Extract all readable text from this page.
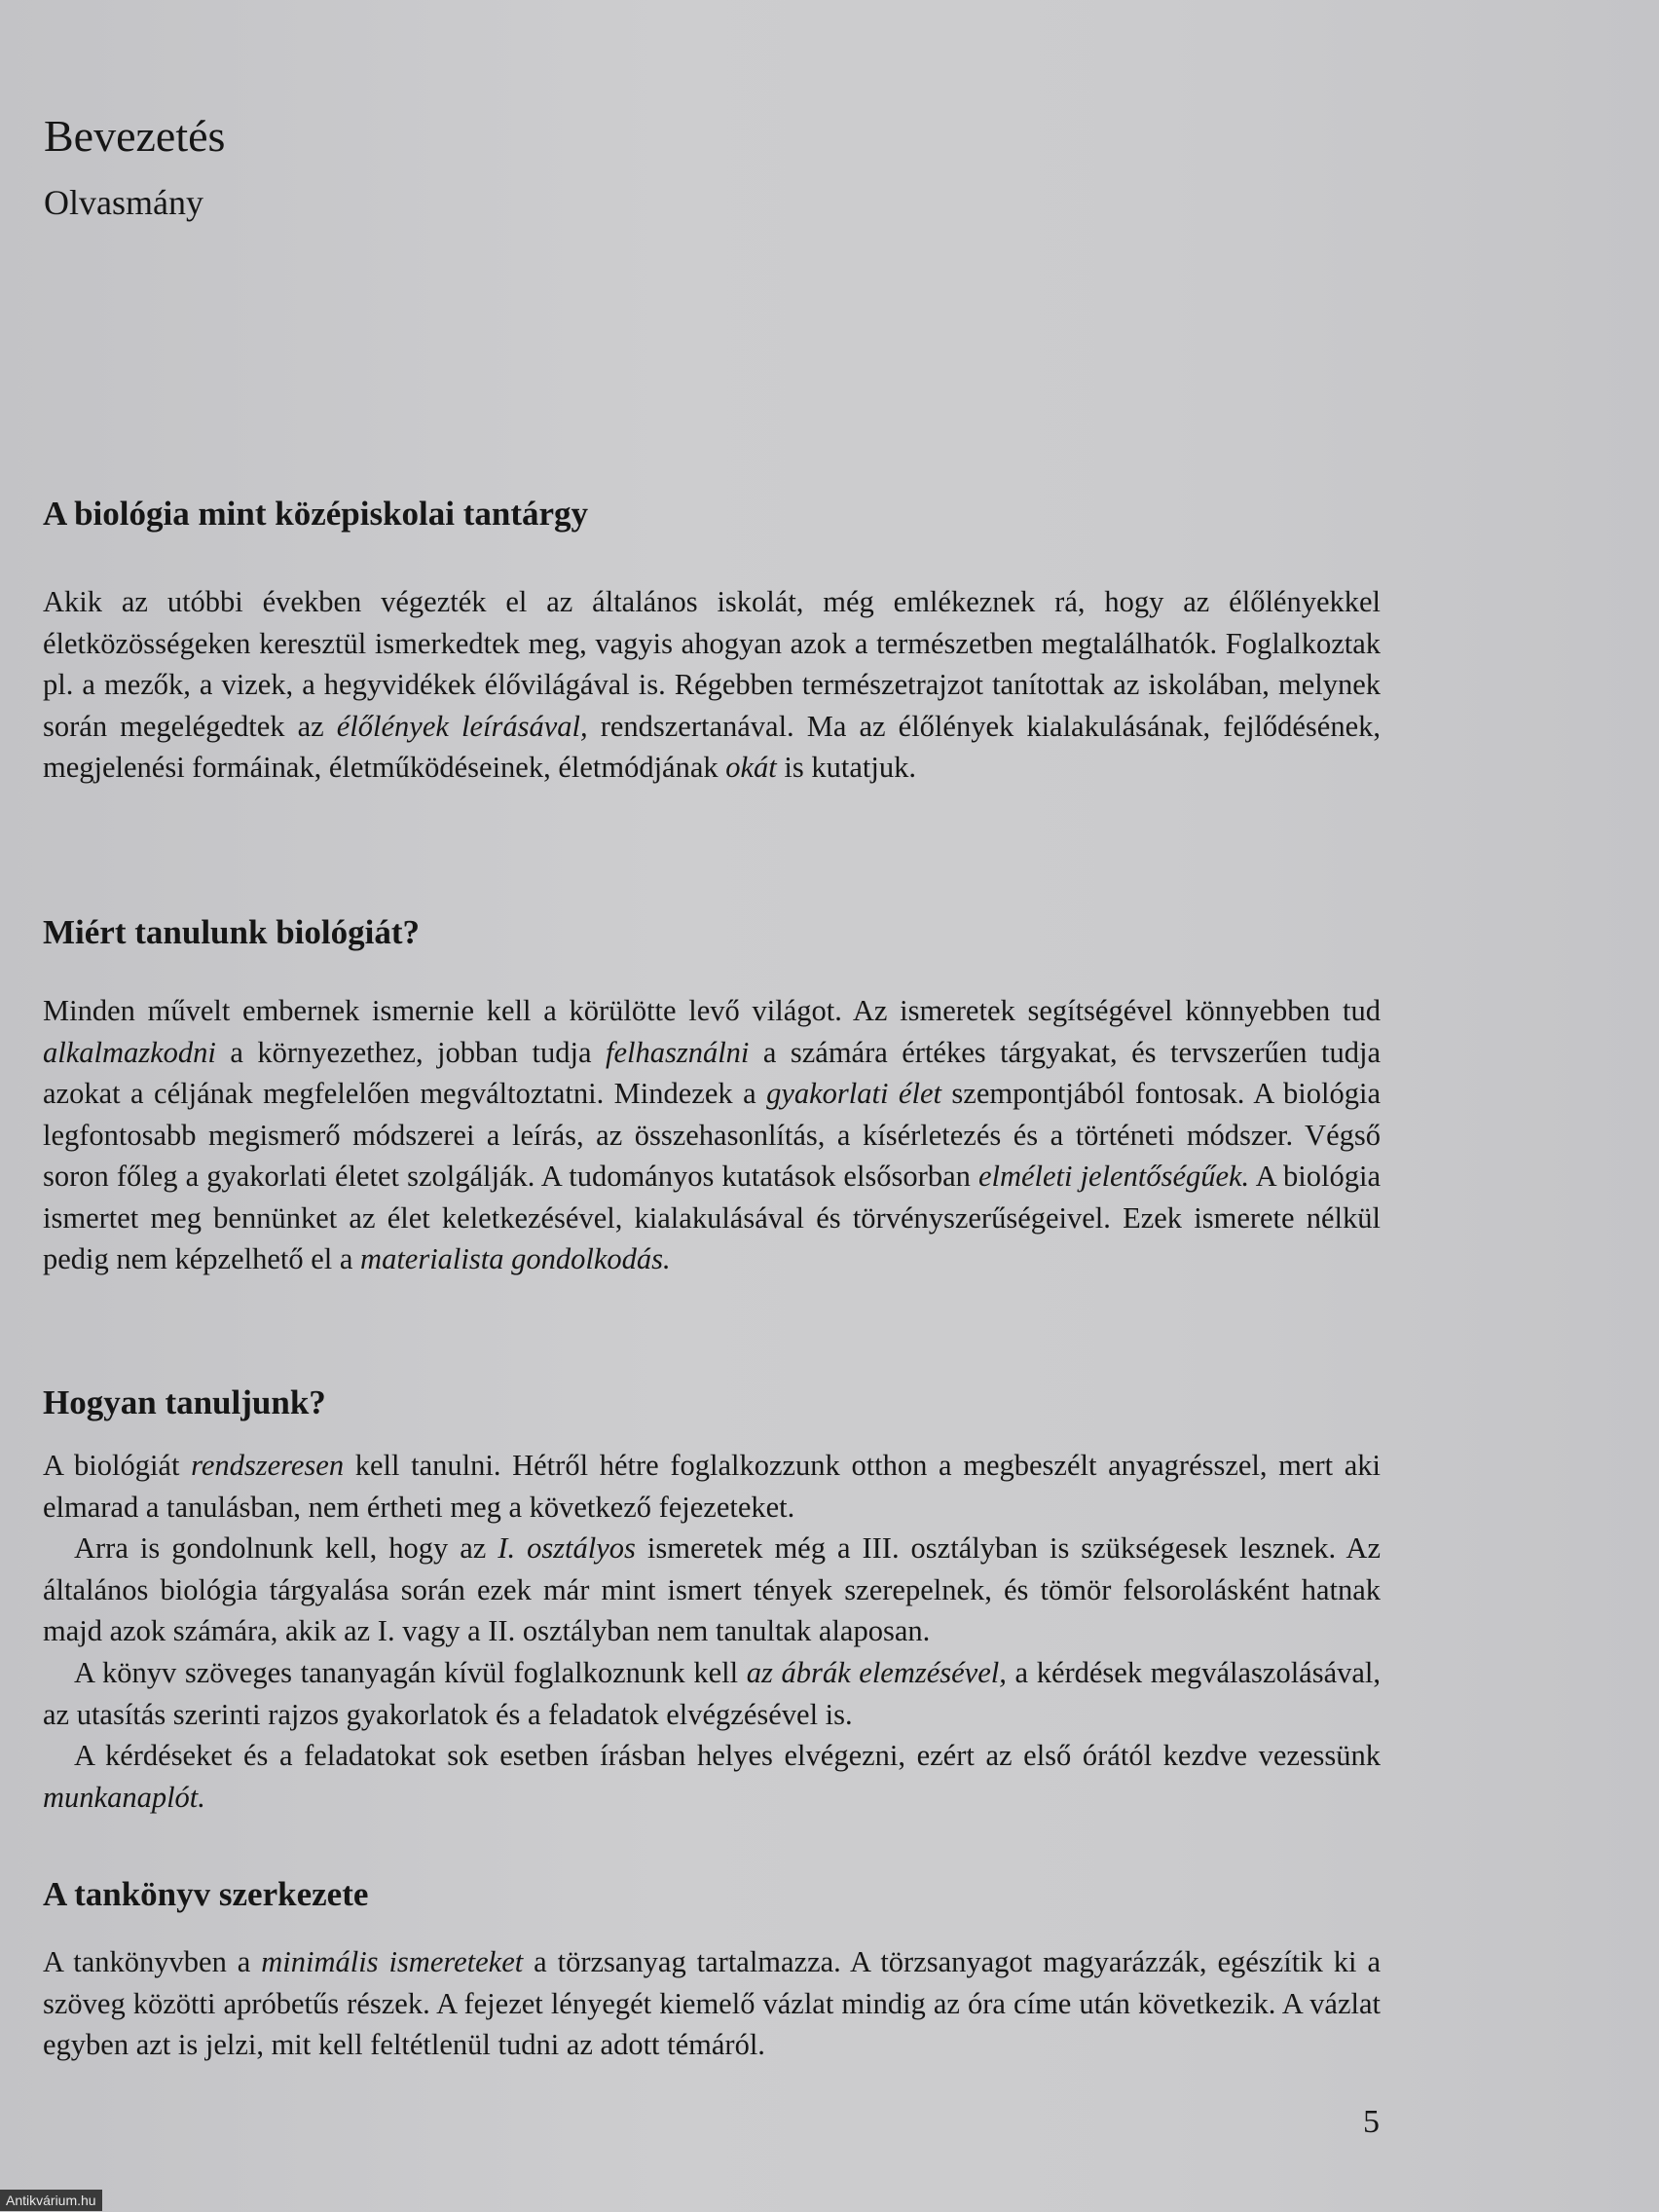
Bevezetés
Olvasmány
A biológia mint középiskolai tantárgy

Akik az utóbbi években végezték el az általános iskolát, még emlékeznek rá, hogy az élőlényekkel életközösségeken keresztül ismerkedtek meg, vagyis ahogyan azok a természetben megtalálhatók. Foglalkoztak pl. a mezők, a vizek, a hegyvidékek élővilágával is. Régebben természetrajzot tanítottak az iskolában, melynek során megelégedtek az élőlények leírásával, rendszertanával. Ma az élőlények kialakulásának, fejlődésének, megjelenési formáinak, életműködéseinek, életmódjának okát is kutatjuk.

Miért tanulunk biológiát?

Minden művelt embernek ismernie kell a körülötte levő világot. Az ismeretek segítségével könnyebben tud alkalmazkodni a környezethez, jobban tudja felhasználni a számára értékes tárgyakat, és tervszerűen tudja azokat a céljának megfelelően megváltoztatni. Mindezek a gyakorlati élet szempontjából fontosak. A biológia legfontosabb megismerő módszerei a leírás, az összehasonlítás, a kísérletezés és a történeti módszer. Végső soron főleg a gyakorlati életet szolgálják. A tudományos kutatások elsősorban elméleti jelentőségűek. A biológia ismertet meg bennünket az élet keletkezésével, kialakulásával és törvényszerűségeivel. Ezek ismerete nélkül pedig nem képzelhető el a materialista gondolkodás.

Hogyan tanuljunk?

A biológiát rendszeresen kell tanulni. Hétről hétre foglalkozzunk otthon a megbeszélt anyagrésszel, mert aki elmarad a tanulásban, nem értheti meg a következő fejezeteket.

Arra is gondolnunk kell, hogy az I. osztályos ismeretek még a III. osztályban is szükségesek lesznek. Az általános biológia tárgyalása során ezek már mint ismert tények szerepelnek, és tömör felsorolásként hatnak majd azok számára, akik az I. vagy a II. osztályban nem tanultak alaposan.

A könyv szöveges tananyagán kívül foglalkoznunk kell az ábrák elemzésével, a kérdések megválaszolásával, az utasítás szerinti rajzos gyakorlatok és a feladatok elvégzésével is.

A kérdéseket és a feladatokat sok esetben írásban helyes elvégezni, ezért az első órától kezdve vezessünk munkanaplót.

A tankönyv szerkezete

A tankönyvben a minimális ismereteket a törzsanyag tartalmazza. A törzsanyagot magyarázzák, egészítik ki a szöveg közötti apróbetűs részek. A fejezet lényegét kiemelő vázlat mindig az óra címe után következik. A vázlat egyben azt is jelzi, mit kell feltétlenül tudni az adott témáról.

5
Antikvárium.hu
